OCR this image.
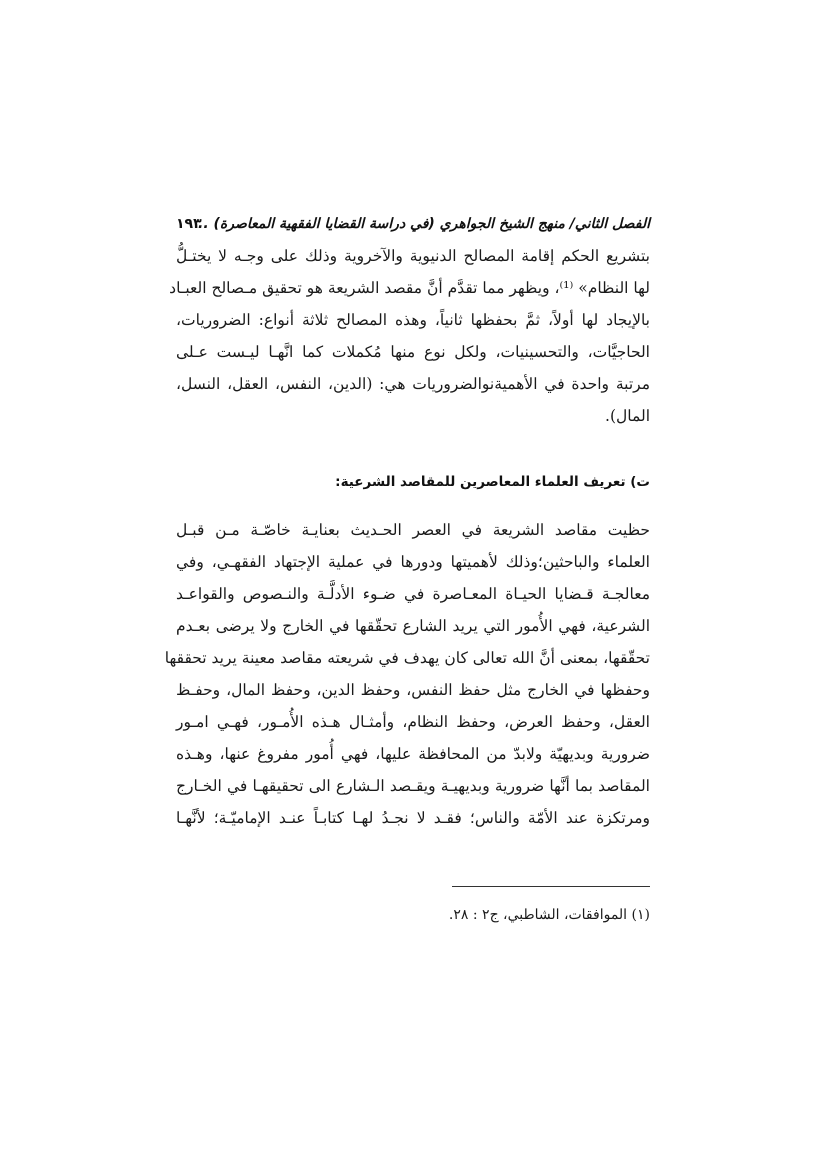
الفصل الثاني/ منهج الشيخ الجواهري (في دراسة القضايا الفقهية المعاصرة) ..
١٩٣
بتشريع الحكم إقامة المصالح الدنيوية والآخروية وذلك على وجـه لا يختـلُّ
لها النظام» ⁽¹⁾، ويظهر مما تقدَّم أنَّ مقصد الشريعة هو تحقيق مـصالح العبـاد
بالإيجاد لها أولاً، ثمَّ بحفظها ثانياً، وهذه المصالح ثلاثة أنواع: الضروريات،
الحاجيَّات، والتحسينيات، ولكل نوع منها مُكملات كما انَّهـا ليـست عـلى
مرتبة واحدة في الأهميةنوالضروريات هي: (الدين، النفس، العقل، النسل،
المال).
ت) تعريف العلماء المعاصرين للمقاصد الشرعية:
حظيت مقاصد الشريعة في العصر الحـديث بعنايـة خاصّـة مـن قبـل
العلماء والباحثين؛وذلك لأهميتها ودورها في عملية الإجتهاد الفقهـي، وفي
معالجـة قـضايا الحيـاة المعـاصرة في ضـوء الأدلَّـة والنـصوص والقواعـد
الشرعية، فهي الأُمور التي يريد الشارع تحقّقها في الخارج ولا يرضى بعـدم
تحقّقها، بمعنى أنَّ الله تعالى كان يهدف في شريعته مقاصد معينة يريد تحققها
وحفظها في الخارج مثل حفظ النفس، وحفظ الدين، وحفظ المال، وحفـظ
العقل، وحفظ العرض، وحفظ النظام، وأمثـال هـذه الأُمـور، فهـي امـور
ضرورية وبديهيّة ولابدّ من المحافظة عليها، فهي أُمور مفروغ عنها، وهـذه
المقاصد بما أنَّها ضرورية وبديهيـة ويقـصد الـشارع الى تحقيقهـا في الخـارج
ومرتكزة عند الأمّة والناس؛ فقـد لا نجـدُ لهـا كتابـاً عنـد الإماميّـة؛ لأنَّهـا
(١) الموافقات، الشاطبي، ج٢ : ٢٨.
